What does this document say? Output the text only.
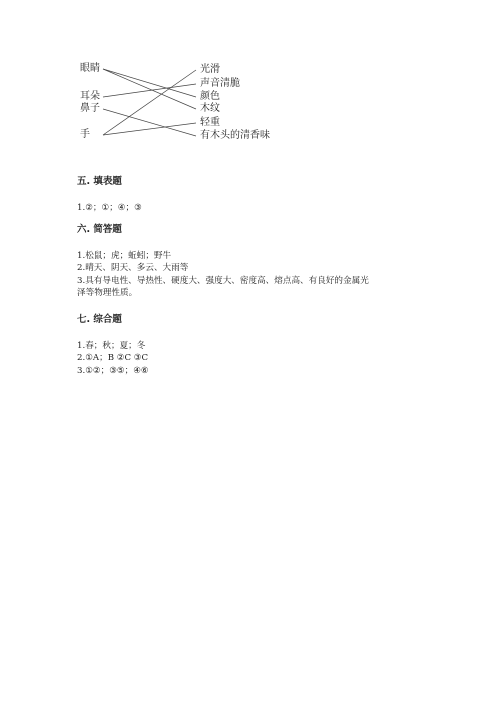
眼睛
耳朵
鼻子
手
光滑
声音清脆
颜色
木纹
轻重
有木头的清香味
五. 填表题
1.②；①；④；③
六. 简答题
1.松鼠；虎；蚯蚓；野牛
2.晴天、阴天、多云、大雨等
3.具有导电性、导热性、硬度大、强度大、密度高、熔点高、有良好的金属光
泽等物理性质。
七. 综合题
1.春；秋；夏；冬
2.①A；B ②C ③C
3.①②；③⑤；④⑥
